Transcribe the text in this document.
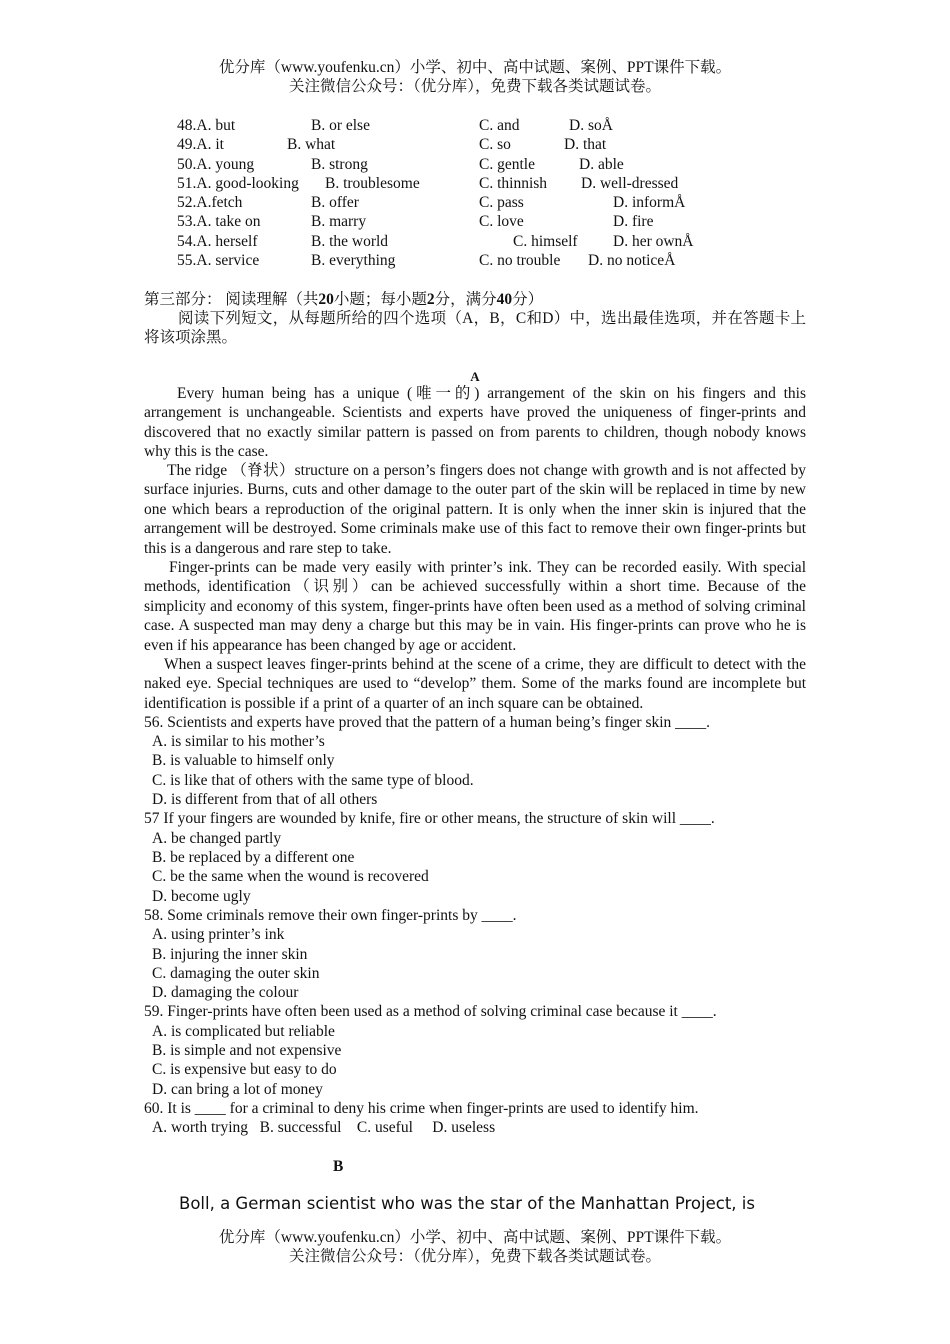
优分库（www.youfenku.cn）小学、初中、高中试题、案例、PPT课件下载。
关注微信公众号：（优分库），免费下载各类试题试卷。
48.A. but	B. or else	C. and	D. soÅ
49.A. it	B. what	C. so	D. that
50.A. young	B. strong	C. gentle	D. able
51.A. good-looking B. troublesome	C. thinnish D. well-dressed
52.A.fetch	B. offer	C. pass	D. informÅ
53.A. take on	B. marry	C. love	D. fire
54.A. herself	B. the world	C. himself D. her ownÅ
55.A. service	B. everything	C. no trouble D. no noticeÅ
第三部分： 阅读理解（共20小题；每小题2分，满分40分）
阅读下列短文，从每题所给的四个选项（A，B，C和D）中，选出最佳选项，并在答题卡上将该项涂黑。
A
Every human being has a unique (唯一的) arrangement of the skin on his fingers and this arrangement is unchangeable. Scientists and experts have proved the uniqueness of finger-prints and discovered that no exactly similar pattern is passed on from parents to children, though nobody knows why this is the case.
The ridge （脊状）structure on a person’s fingers does not change with growth and is not affected by surface injuries. Burns, cuts and other damage to the outer part of the skin will be replaced in time by new one which bears a reproduction of the original pattern. It is only when the inner skin is injured that the arrangement will be destroyed. Some criminals make use of this fact to remove their own finger-prints but this is a dangerous and rare step to take.
Finger-prints can be made very easily with printer’s ink. They can be recorded easily. With special methods, identification（识别）can be achieved successfully within a short time. Because of the simplicity and economy of this system, finger-prints have often been used as a method of solving criminal case. A suspected man may deny a charge but this may be in vain. His finger-prints can prove who he is even if his appearance has been changed by age or accident.
When a suspect leaves finger-prints behind at the scene of a crime, they are difficult to detect with the naked eye. Special techniques are used to “develop” them. Some of the marks found are incomplete but identification is possible if a print of a quarter of an inch square can be obtained.
56. Scientists and experts have proved that the pattern of a human being’s finger skin ____.
A. is similar to his mother’s
B. is valuable to himself only
C. is like that of others with the same type of blood.
D. is different from that of all others
57 If your fingers are wounded by knife, fire or other means, the structure of skin will ____.
A. be changed partly
B. be replaced by a different one
C. be the same when the wound is recovered
D. become ugly
58. Some criminals remove their own finger-prints by ____.
A. using printer’s ink
B. injuring the inner skin
C. damaging the outer skin
D. damaging the colour
59. Finger-prints have often been used as a method of solving criminal case because it ____.
A. is complicated but reliable
B. is simple and not expensive
C. is expensive but easy to do
D. can bring a lot of money
60. It is ____ for a criminal to deny his crime when finger-prints are used to identify him.
A. worth trying   B. successful    C. useful     D. useless
B
Boll, a German scientist who was the star of the Manhattan Project, is
优分库（www.youfenku.cn）小学、初中、高中试题、案例、PPT课件下载。
关注微信公众号：（优分库），免费下载各类试题试卷。
